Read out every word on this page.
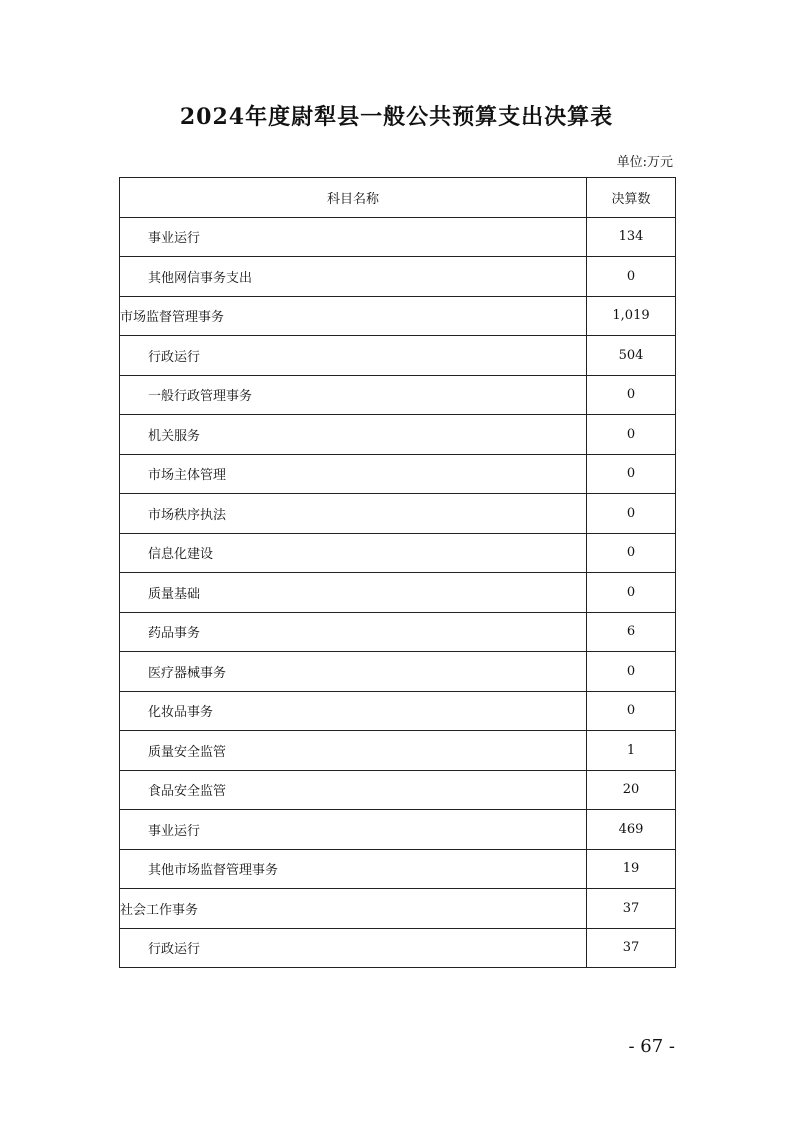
2024年度尉犁县一般公共预算支出决算表
单位:万元
科目名称	决算数
事业运行	134
其他网信事务支出	0
市场监督管理事务	1,019
行政运行	504
一般行政管理事务	0
机关服务	0
市场主体管理	0
市场秩序执法	0
信息化建设	0
质量基础	0
药品事务	6
医疗器械事务	0
化妆品事务	0
质量安全监管	1
食品安全监管	20
事业运行	469
其他市场监督管理事务	19
社会工作事务	37
行政运行	37
- 67 -
